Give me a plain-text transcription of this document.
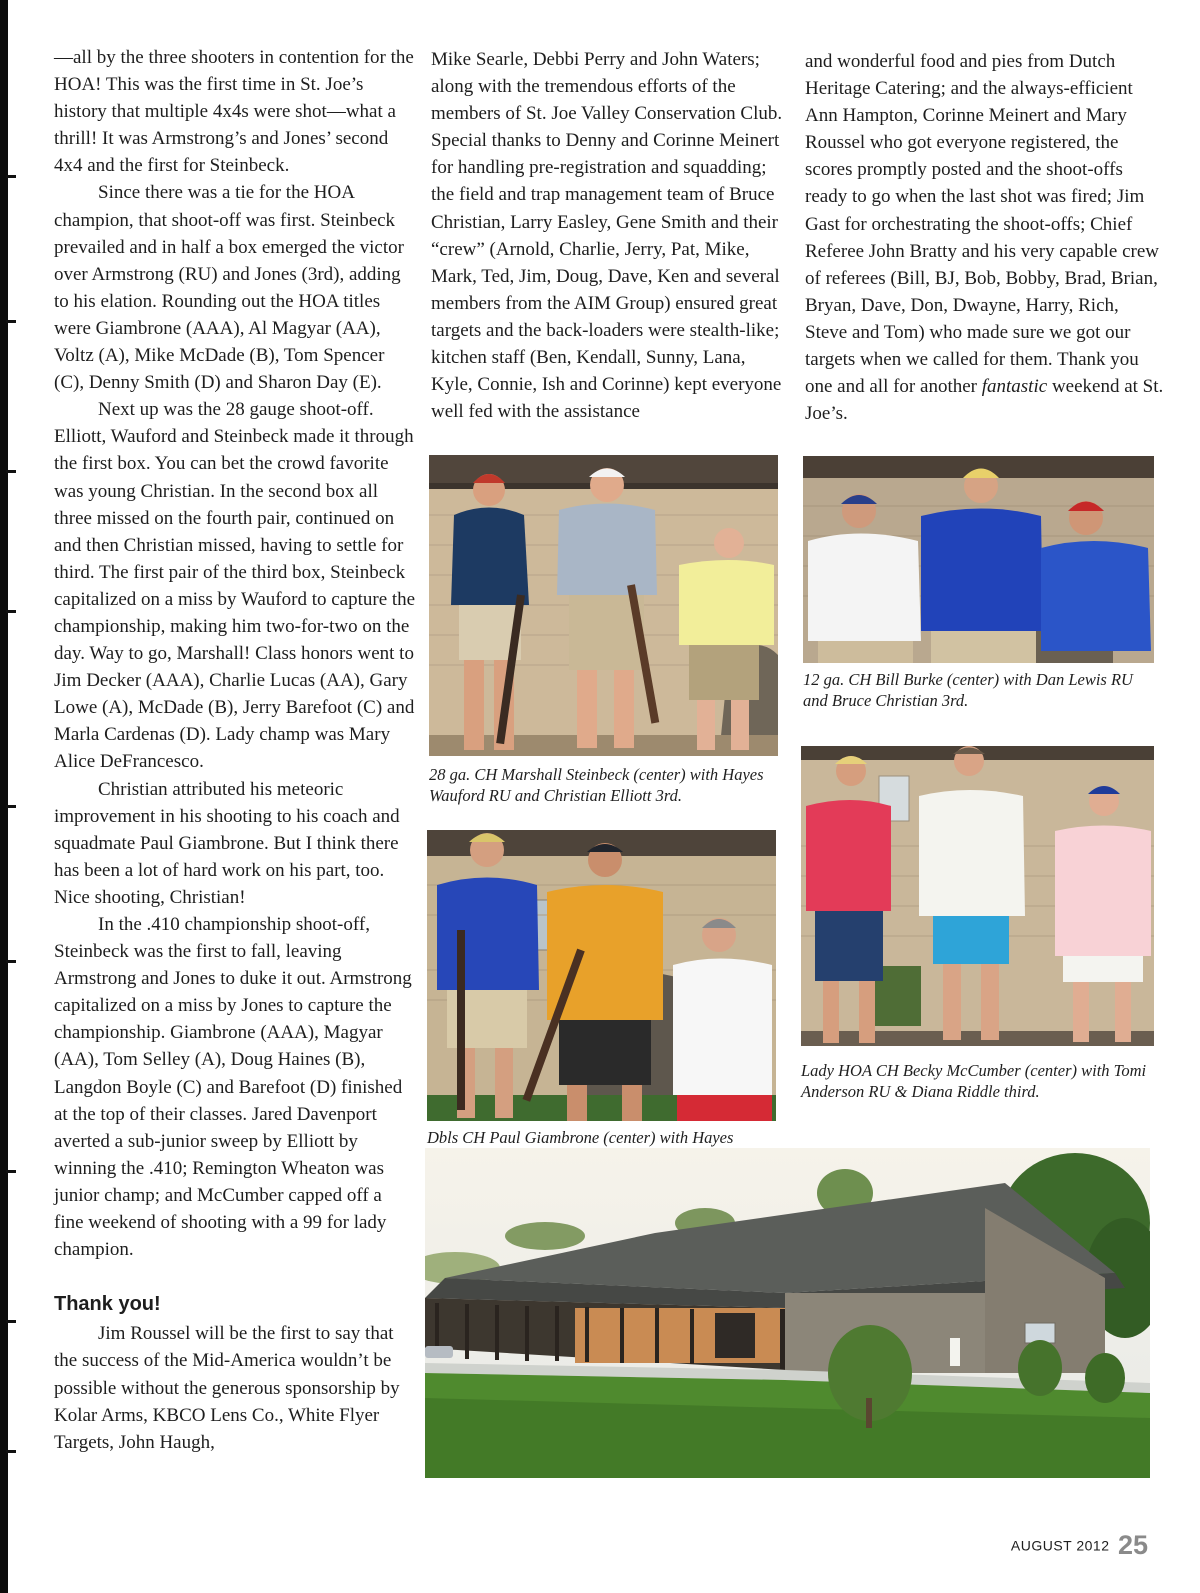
—all by the three shooters in contention for the HOA! This was the first time in St. Joe’s history that multiple 4x4s were shot—what a thrill! It was Armstrong’s and Jones’ second 4x4 and the first for Steinbeck.

Since there was a tie for the HOA champion, that shoot-off was first. Steinbeck prevailed and in half a box emerged the victor over Armstrong (RU) and Jones (3rd), adding to his elation. Rounding out the HOA titles were Giambrone (AAA), Al Magyar (AA), Voltz (A), Mike McDade (B), Tom Spencer (C), Denny Smith (D) and Sharon Day (E).

Next up was the 28 gauge shoot-off. Elliott, Wauford and Steinbeck made it through the first box. You can bet the crowd favorite was young Christian. In the second box all three missed on the fourth pair, continued on and then Christian missed, having to settle for third. The first pair of the third box, Steinbeck capitalized on a miss by Wauford to capture the championship, making him two-for-two on the day. Way to go, Marshall! Class honors went to Jim Decker (AAA), Charlie Lucas (AA), Gary Lowe (A), McDade (B), Jerry Barefoot (C) and Marla Cardenas (D). Lady champ was Mary Alice DeFrancesco.

Christian attributed his meteoric improvement in his shooting to his coach and squadmate Paul Giambrone. But I think there has been a lot of hard work on his part, too. Nice shooting, Christian!

In the .410 championship shoot-off, Steinbeck was the first to fall, leaving Armstrong and Jones to duke it out. Armstrong capitalized on a miss by Jones to capture the championship. Giambrone (AAA), Magyar (AA), Tom Selley (A), Doug Haines (B), Langdon Boyle (C) and Barefoot (D) finished at the top of their classes. Jared Davenport averted a sub-junior sweep by Elliott by winning the .410; Remington Wheaton was junior champ; and McCumber capped off a fine weekend of shooting with a 99 for lady champion.

Thank you!

Jim Roussel will be the first to say that the success of the Mid-America wouldn’t be possible without the generous sponsorship by Kolar Arms, KBCO Lens Co., White Flyer Targets, John Haugh,

Mike Searle, Debbi Perry and John Waters; along with the tremendous efforts of the members of St. Joe Valley Conservation Club. Special thanks to Denny and Corinne Meinert for handling pre-registration and squadding; the field and trap management team of Bruce Christian, Larry Easley, Gene Smith and their “crew” (Arnold, Charlie, Jerry, Pat, Mike, Mark, Ted, Jim, Doug, Dave, Ken and several members from the AIM Group) ensured great targets and the back-loaders were stealth-like; kitchen staff (Ben, Kendall, Sunny, Lana, Kyle, Connie, Ish and Corinne) kept everyone well fed with the assistance

and wonderful food and pies from Dutch Heritage Catering; and the always-efficient Ann Hampton, Corinne Meinert and Mary Roussel who got everyone registered, the scores promptly posted and the shoot-offs ready to go when the last shot was fired; Jim Gast for orchestrating the shoot-offs; Chief Referee John Bratty and his very capable crew of referees (Bill, BJ, Bob, Bobby, Brad, Brian, Bryan, Dave, Don, Dwayne, Harry, Rich, Steve and Tom) who made sure we got our targets when we called for them. Thank you one and all for another fantastic weekend at St. Joe’s.

28 ga. CH Marshall Steinbeck (center) with Hayes Wauford RU and Christian Elliott 3rd.
12 ga. CH Bill Burke (center) with Dan Lewis RU and Bruce Christian 3rd.
Dbls CH Paul Giambrone (center) with Hayes
Lady HOA CH Becky McCumber (center) with Tomi Anderson RU & Diana Riddle third.
AUGUST 2012 25
